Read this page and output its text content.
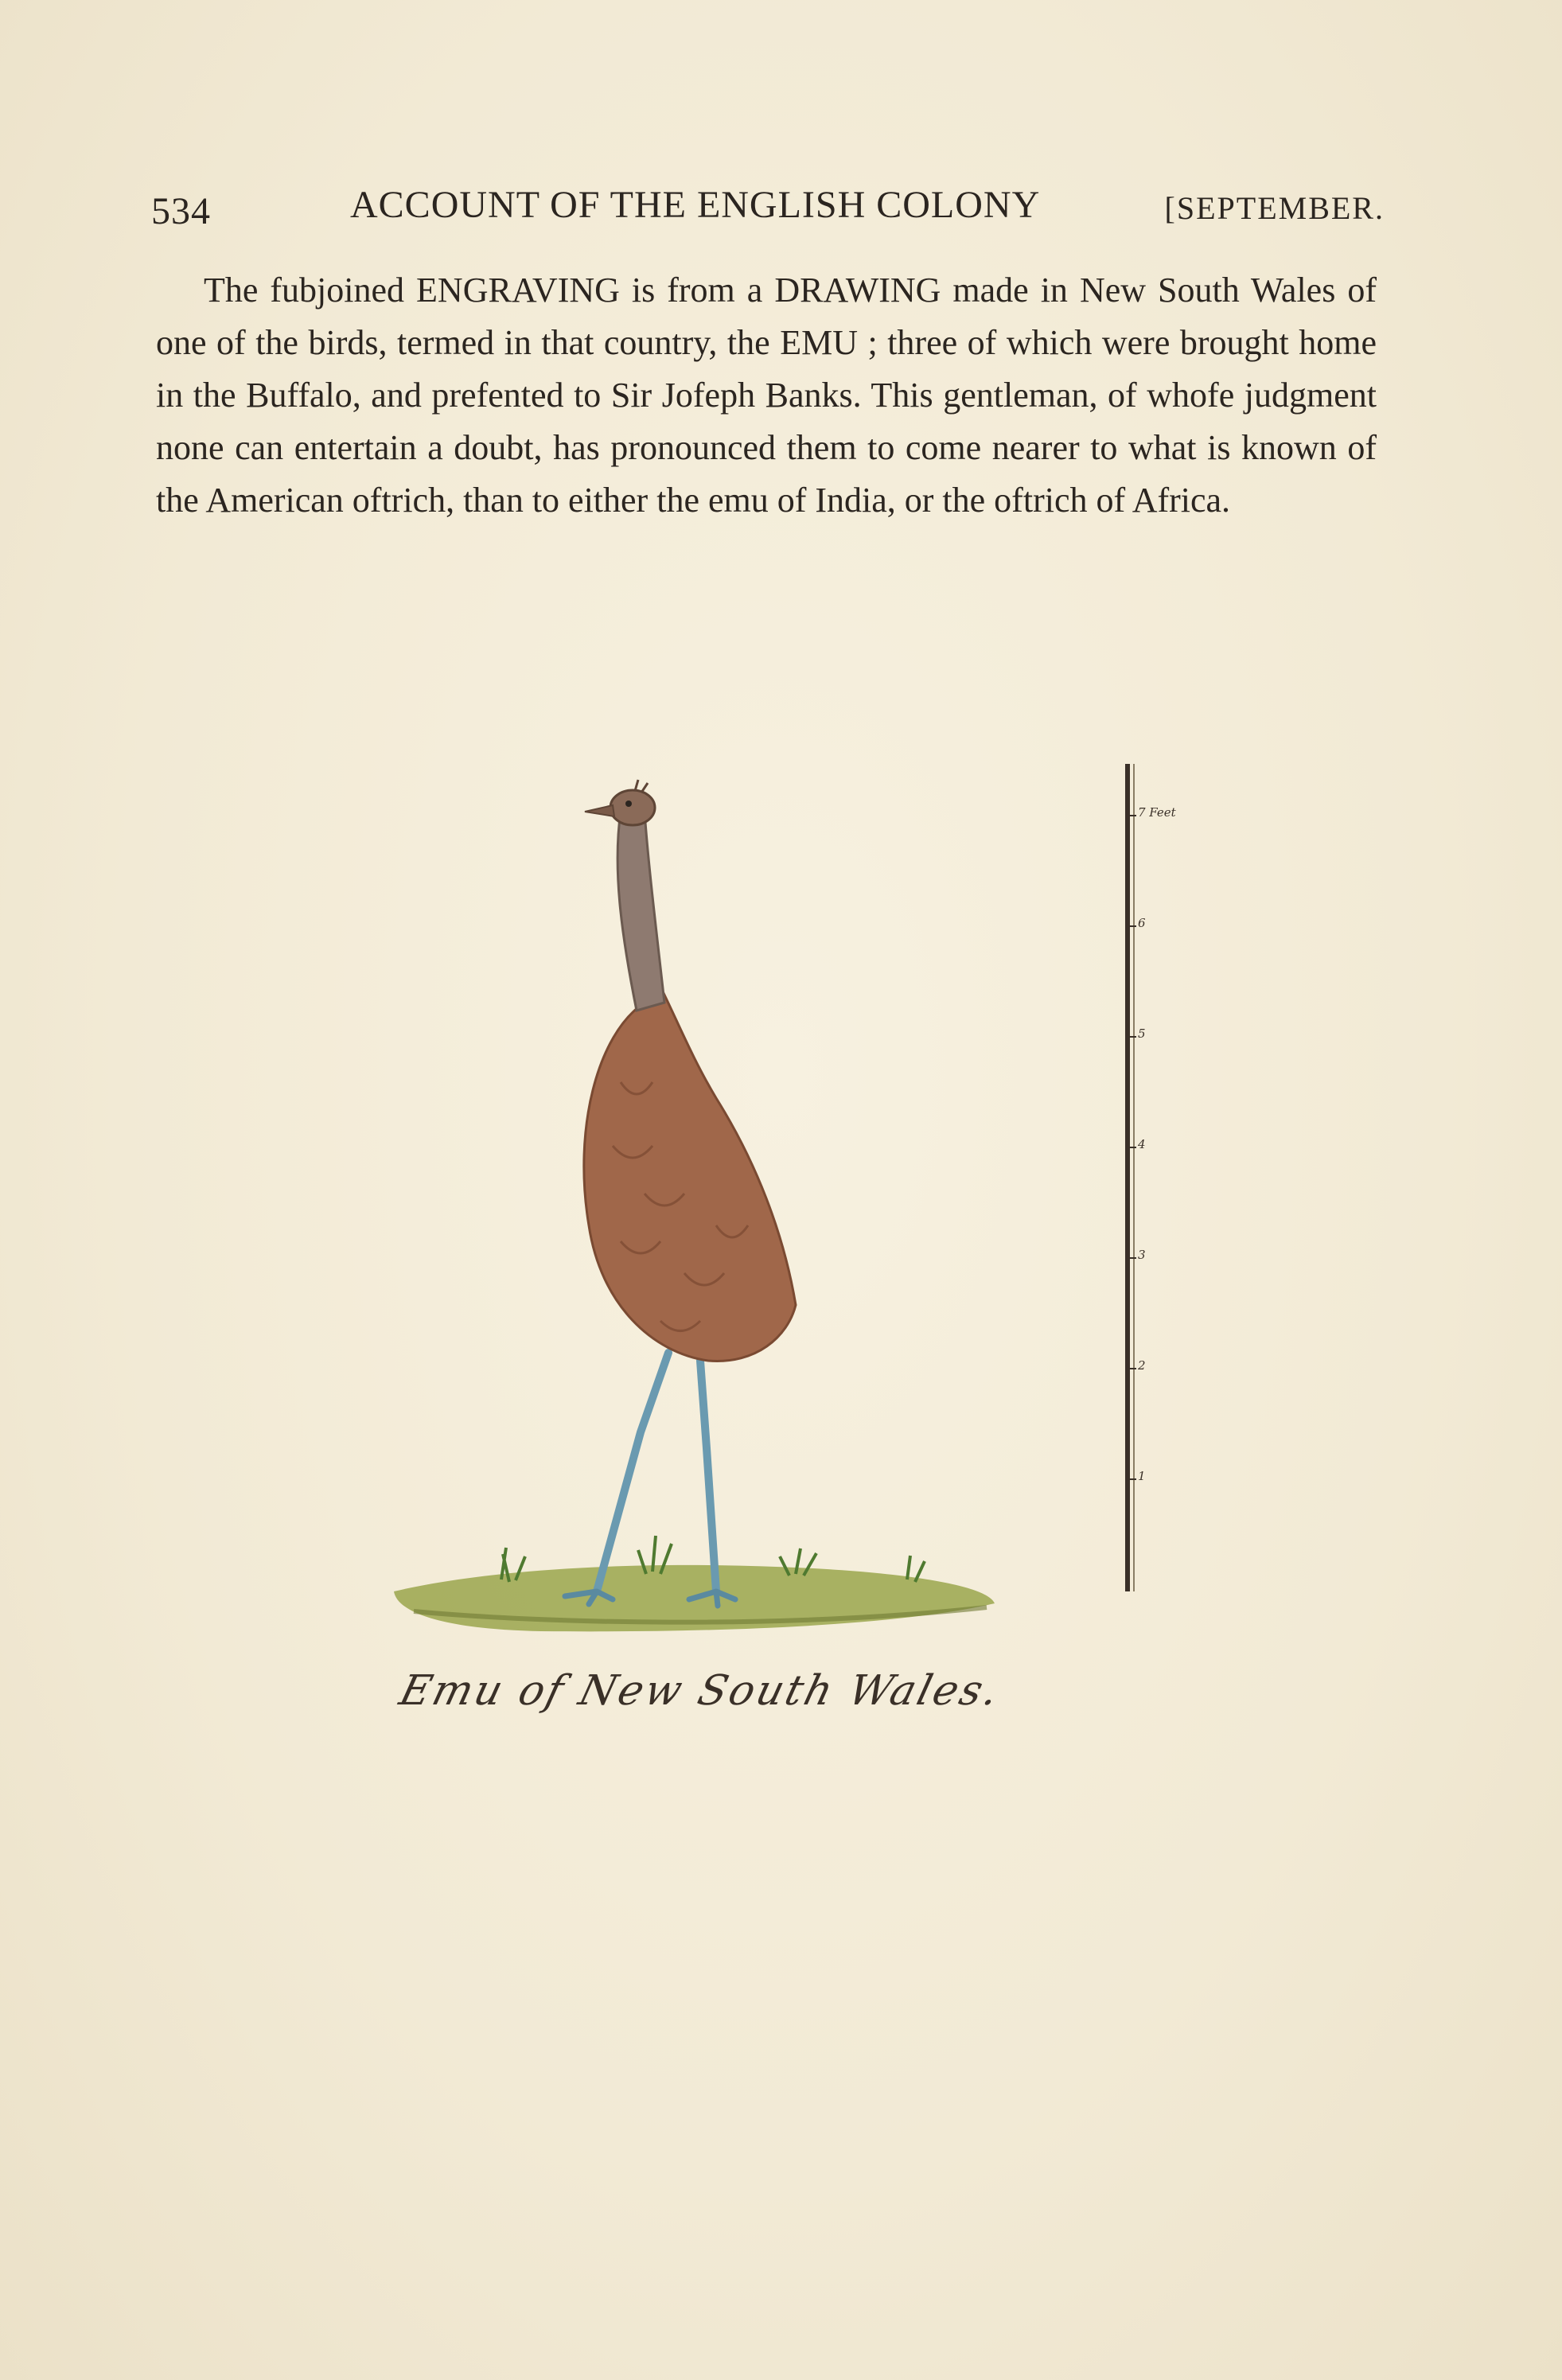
534	ACCOUNT OF THE ENGLISH COLONY	[SEPTEMBER.

The fubjoined ENGRAVING is from a DRAWING made in New South Wales of one of the birds, termed in that country, the EMU ; three of which were brought home in the Buffalo, and prefented to Sir Jofeph Banks. This gentleman, of whofe judgment none can entertain a doubt, has pronounced them to come nearer to what is known of the American oftrich, than to either the emu of India, or the oftrich of Africa.

7 Feet
6
5
4
3
2
1
Emu of New South Wales.
